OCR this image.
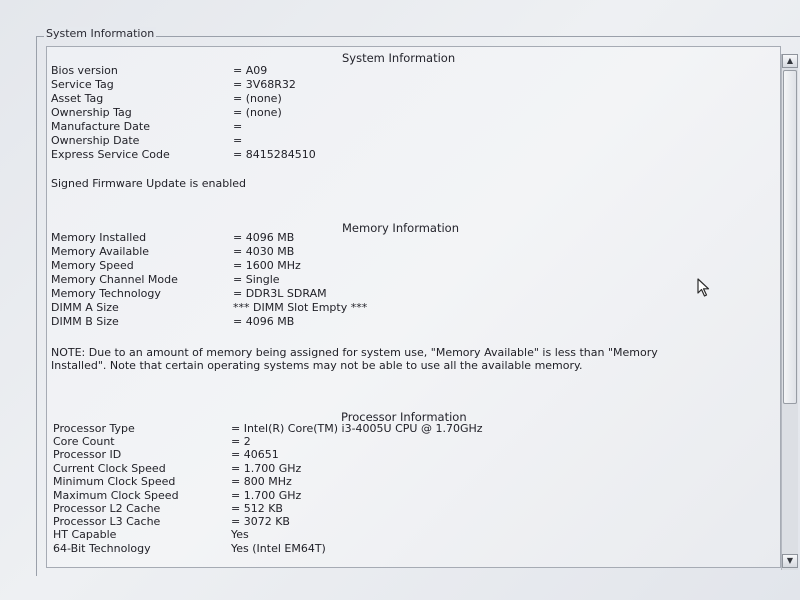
System Information
System Information
Bios version	= A09
Service Tag	= 3V68R32
Asset Tag	= (none)
Ownership Tag	= (none)
Manufacture Date	=
Ownership Date	=
Express Service Code	= 8415284510
Signed Firmware Update is enabled
Memory Information
Memory Installed	= 4096 MB
Memory Available	= 4030 MB
Memory Speed	= 1600 MHz
Memory Channel Mode	= Single
Memory Technology	= DDR3L SDRAM
DIMM A Size	*** DIMM Slot Empty ***
DIMM B Size	= 4096 MB
NOTE: Due to an amount of memory being assigned for system use, "Memory Available" is less than "Memory Installed". Note that certain operating systems may not be able to use all the available memory.
Processor Information
Processor Type	= Intel(R) Core(TM) i3-4005U CPU @ 1.70GHz
Core Count	= 2
Processor ID	= 40651
Current Clock Speed	= 1.700 GHz
Minimum Clock Speed	= 800 MHz
Maximum Clock Speed	= 1.700 GHz
Processor L2 Cache	= 512 KB
Processor L3 Cache	= 3072 KB
HT Capable	Yes
64-Bit Technology	Yes (Intel EM64T)
▲
▼
